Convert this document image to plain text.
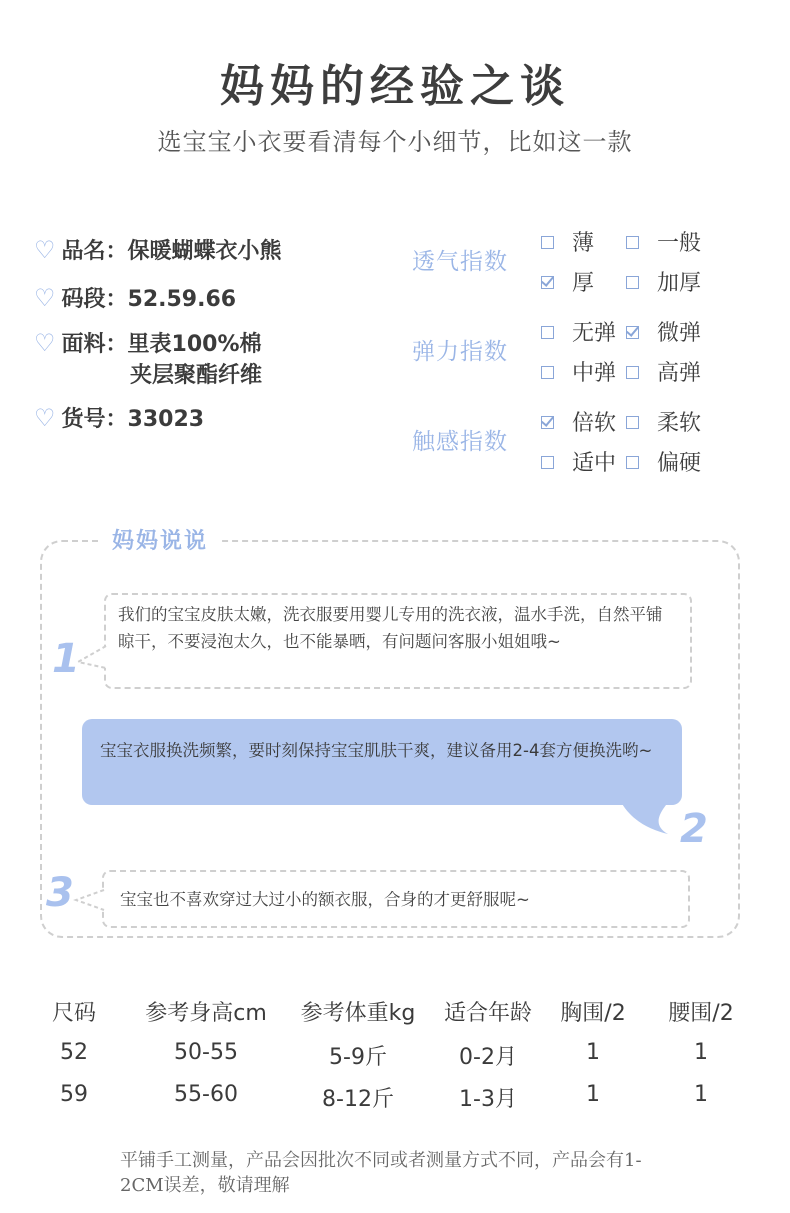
妈妈的经验之谈
选宝宝小衣要看清每个小细节，比如这一款
♡ 品名：保暖蝴蝶衣小熊
♡ 码段：52.59.66
♡ 面料：里表100%棉
夹层聚酯纤维
♡ 货号：33023
透气指数
薄	一般
厚	加厚
弹力指数
无弹	微弹
中弹	高弹
触感指数
倍软	柔软
适中	偏硬
妈妈说说
我们的宝宝皮肤太嫩，洗衣服要用婴儿专用的洗衣液，温水手洗，自然平铺晾干，不要浸泡太久，也不能暴晒，有问题问客服小姐姐哦~
1
宝宝衣服换洗频繁，要时刻保持宝宝肌肤干爽，建议备用2-4套方便换洗哟~
2
宝宝也不喜欢穿过大过小的额衣服，合身的才更舒服呢~
3
尺码	参考身高cm	参考体重kg	适合年龄	胸围/2	腰围/2
52	50-55	5-9斤	0-2月	1	1
59	55-60	8-12斤	1-3月	1	1
平铺手工测量，产品会因批次不同或者测量方式不同，产品会有1-2CM误差，敬请理解
